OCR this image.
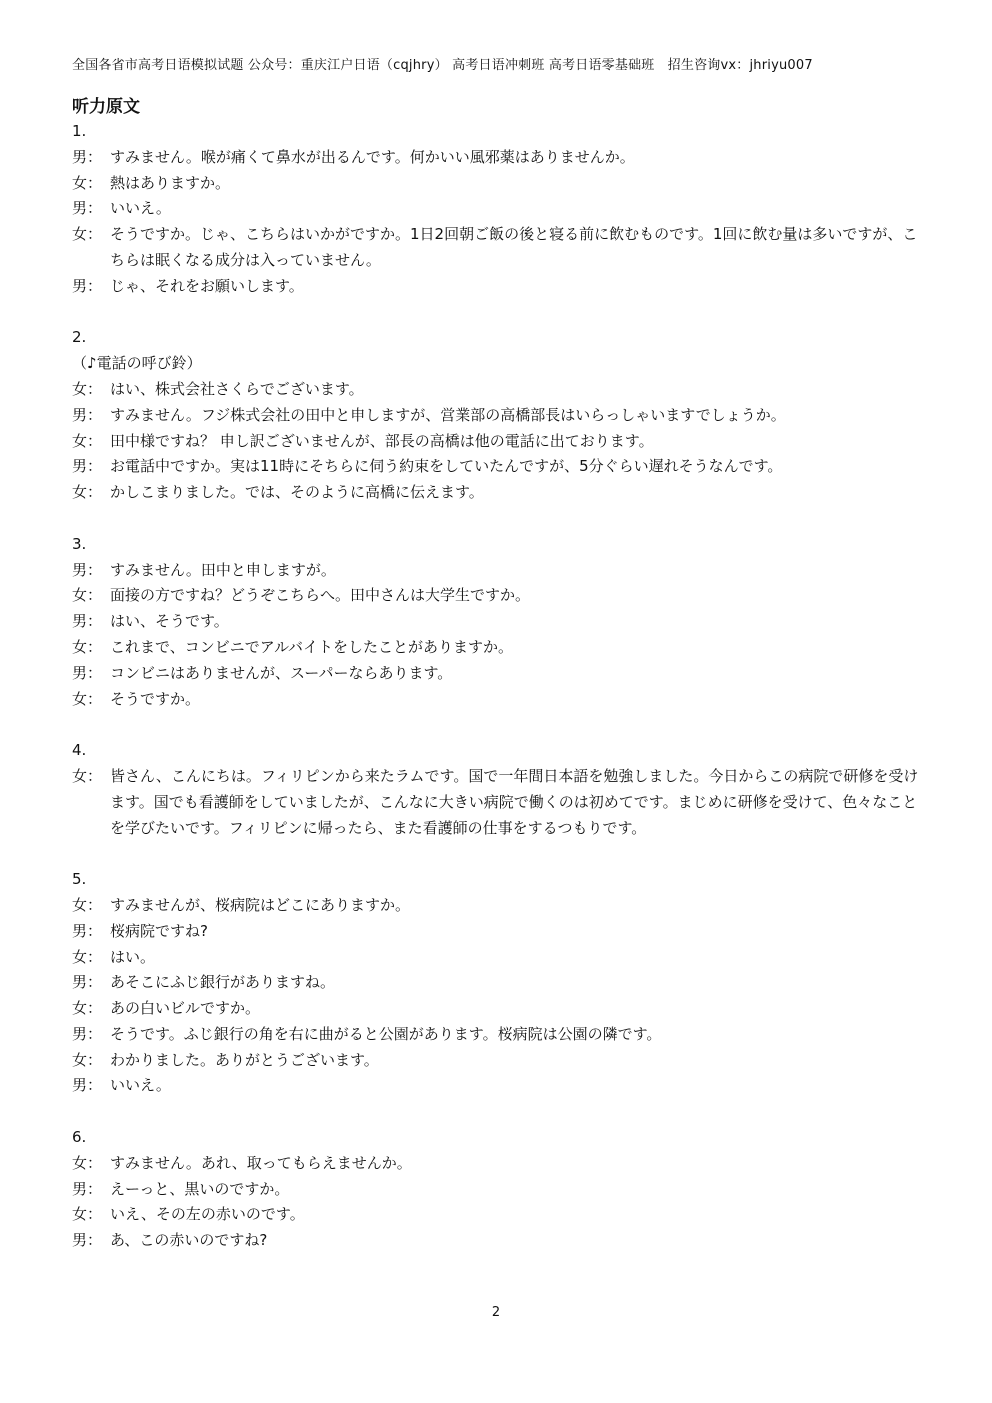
全国各省市高考日语模拟试题 公众号：重庆江户日语（cqjhry） 高考日语冲刺班 高考日语零基础班　招生咨询vx：jhriyu007
听力原文
1.
男： すみません。喉が痛くて鼻水が出るんです。何かいい風邪薬はありませんか。
女： 熱はありますか。
男： いいえ。
女： そうですか。じゃ、こちらはいかがですか。1日2回朝ご飯の後と寝る前に飲むものです。1回に飲む量は多いですが、こちらは眠くなる成分は入っていません。
男： じゃ、それをお願いします。
2.
（♪電話の呼び鈴）
女： はい、株式会社さくらでございます。
男： すみません。フジ株式会社の田中と申しますが、営業部の高橋部長はいらっしゃいますでしょうか。
女： 田中様ですね？ 申し訳ございませんが、部長の高橋は他の電話に出ております。
男： お電話中ですか。実は11時にそちらに伺う約束をしていたんですが、5分ぐらい遅れそうなんです。
女： かしこまりました。では、そのように高橋に伝えます。
3.
男： すみません。田中と申しますが。
女： 面接の方ですね？どうぞこちらへ。田中さんは大学生ですか。
男： はい、そうです。
女： これまで、コンビニでアルバイトをしたことがありますか。
男： コンビニはありませんが、スーパーならあります。
女： そうですか。
4.
女： 皆さん、こんにちは。フィリピンから来たラムです。国で一年間日本語を勉強しました。今日からこの病院で研修を受けます。国でも看護師をしていましたが、こんなに大きい病院で働くのは初めてです。まじめに研修を受けて、色々なことを学びたいです。フィリピンに帰ったら、また看護師の仕事をするつもりです。
5.
女： すみませんが、桜病院はどこにありますか。
男： 桜病院ですね?
女： はい。
男： あそこにふじ銀行がありますね。
女： あの白いビルですか。
男： そうです。ふじ銀行の角を右に曲がると公園があります。桜病院は公園の隣です。
女： わかりました。ありがとうございます。
男： いいえ。
6.
女： すみません。あれ、取ってもらえませんか。
男： えーっと、黒いのですか。
女： いえ、その左の赤いのです。
男： あ、この赤いのですね?
2
